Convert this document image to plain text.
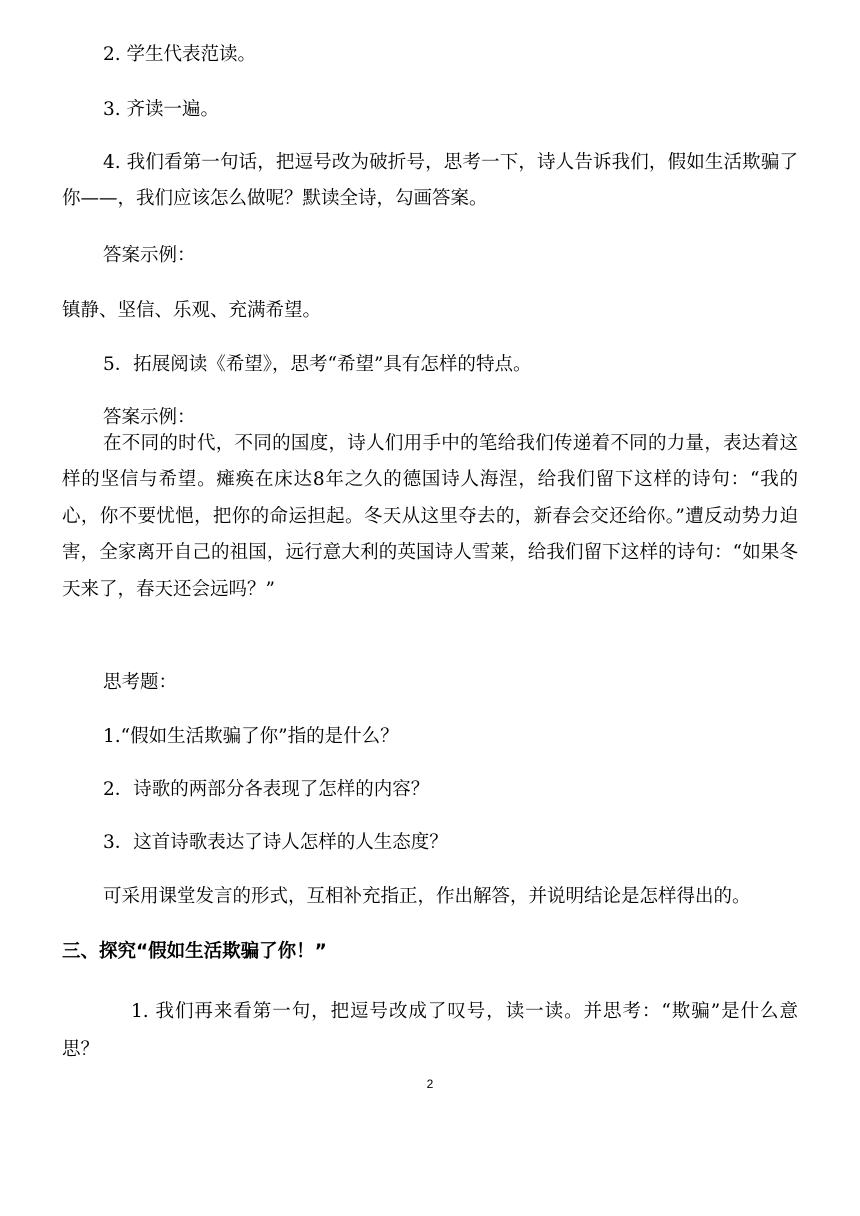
2. 学生代表范读。
3. 齐读一遍。
4. 我们看第一句话，把逗号改为破折号，思考一下，诗人告诉我们，假如生活欺骗了你——，我们应该怎么做呢？默读全诗，勾画答案。
答案示例：
镇静、坚信、乐观、充满希望。
5．拓展阅读《希望》，思考“希望”具有怎样的特点。
答案示例：
在不同的时代，不同的国度，诗人们用手中的笔给我们传递着不同的力量，表达着这样的坚信与希望。瘫痪在床达8年之久的德国诗人海涅，给我们留下这样的诗句：“我的心，你不要忧悒，把你的命运担起。冬天从这里夺去的，新春会交还给你。”遭反动势力迫害，全家离开自己的祖国，远行意大利的英国诗人雪莱，给我们留下这样的诗句：“如果冬天来了，春天还会远吗？”
思考题：
1.“假如生活欺骗了你”指的是什么？
2．诗歌的两部分各表现了怎样的内容？
3．这首诗歌表达了诗人怎样的人生态度？
可采用课堂发言的形式，互相补充指正，作出解答，并说明结论是怎样得出的。
三、探究“假如生活欺骗了你！”
1. 我们再来看第一句，把逗号改成了叹号，读一读。并思考：“欺骗”是什么意思？
2
